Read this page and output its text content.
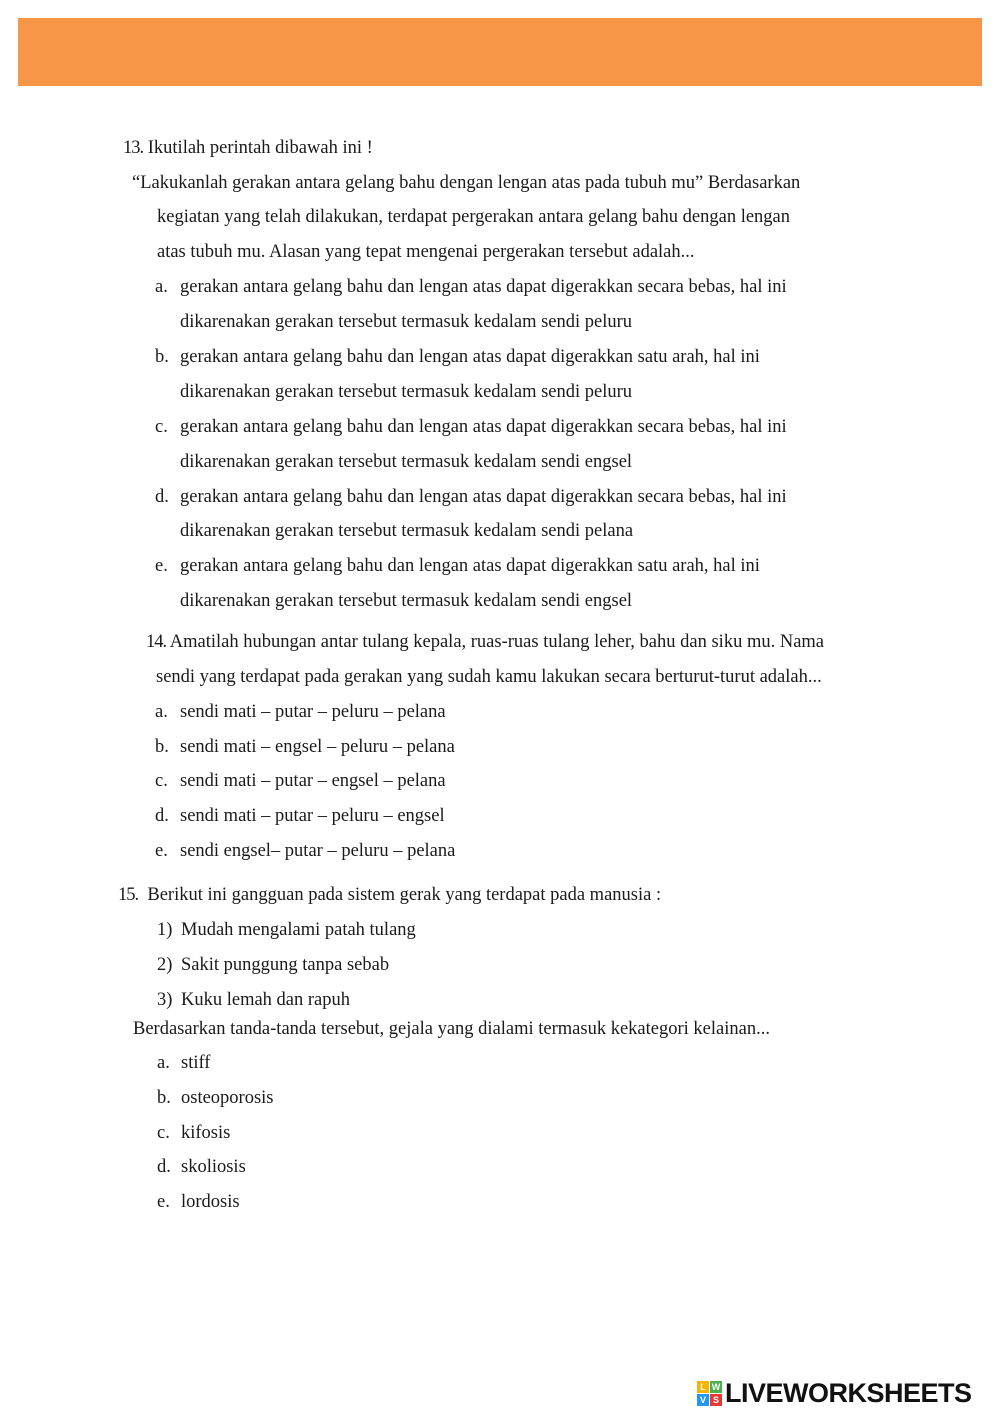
13. Ikutilah perintah dibawah ini !
“Lakukanlah gerakan antara gelang bahu dengan lengan atas pada tubuh mu” Berdasarkan
kegiatan yang telah dilakukan, terdapat pergerakan antara gelang bahu dengan lengan
atas tubuh mu. Alasan yang tepat mengenai pergerakan tersebut adalah...
a. gerakan antara gelang bahu dan lengan atas dapat digerakkan secara bebas, hal ini
dikarenakan gerakan tersebut termasuk kedalam sendi peluru
b. gerakan antara gelang bahu dan lengan atas dapat digerakkan satu arah, hal ini
dikarenakan gerakan tersebut termasuk kedalam sendi peluru
c. gerakan antara gelang bahu dan lengan atas dapat digerakkan secara bebas, hal ini
dikarenakan gerakan tersebut termasuk kedalam sendi engsel
d. gerakan antara gelang bahu dan lengan atas dapat digerakkan secara bebas, hal ini
dikarenakan gerakan tersebut termasuk kedalam sendi pelana
e. gerakan antara gelang bahu dan lengan atas dapat digerakkan satu arah, hal ini
dikarenakan gerakan tersebut termasuk kedalam sendi engsel
14. Amatilah hubungan antar tulang kepala, ruas-ruas tulang leher, bahu dan siku mu. Nama
sendi yang terdapat pada gerakan yang sudah kamu lakukan secara berturut-turut adalah...
a. sendi mati – putar – peluru – pelana
b. sendi mati – engsel – peluru – pelana
c. sendi mati – putar – engsel – pelana
d. sendi mati – putar – peluru – engsel
e. sendi engsel– putar – peluru – pelana
15. Berikut ini gangguan pada sistem gerak yang terdapat pada manusia :
1) Mudah mengalami patah tulang
2) Sakit punggung tanpa sebab
3) Kuku lemah dan rapuh
Berdasarkan tanda-tanda tersebut, gejala yang dialami termasuk kekategori kelainan...
a. stiff
b. osteoporosis
c. kifosis
d. skoliosis
e. lordosis
L W
V S LIVEWORKSHEETS
